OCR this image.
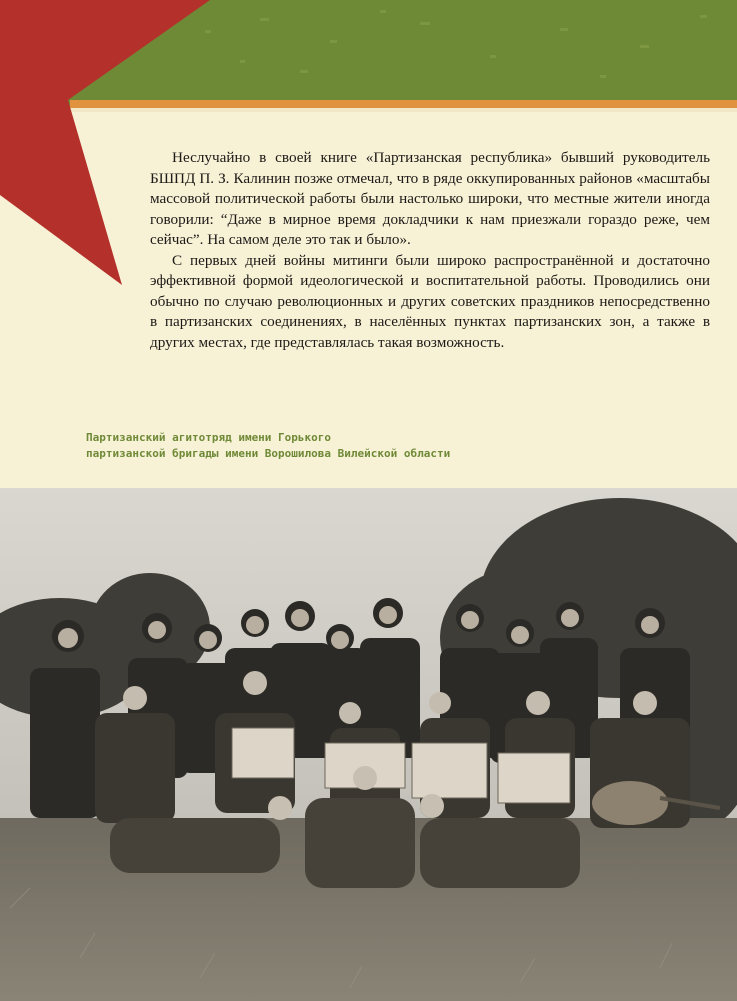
Неслучайно в своей книге «Партизанская республика» бывший руководитель БШПД П. З. Калинин позже отмечал, что в ряде оккупированных районов «масштабы массовой политической работы были настолько широки, что местные жители иногда говорили: “Даже в мирное время докладчики к нам приезжали гораздо реже, чем сейчас”. На самом деле это так и было».

С первых дней войны митинги были широко распространённой и достаточно эффективной формой идеологической и воспитательной работы. Проводились они обычно по случаю революционных и других советских праздников непосредственно в партизанских соединениях, в населённых пунктах партизанских зон, а также в других местах, где представлялась такая возможность.

Партизанский агитотряд имени Горького
партизанской бригады имени Ворошилова Вилейской области
